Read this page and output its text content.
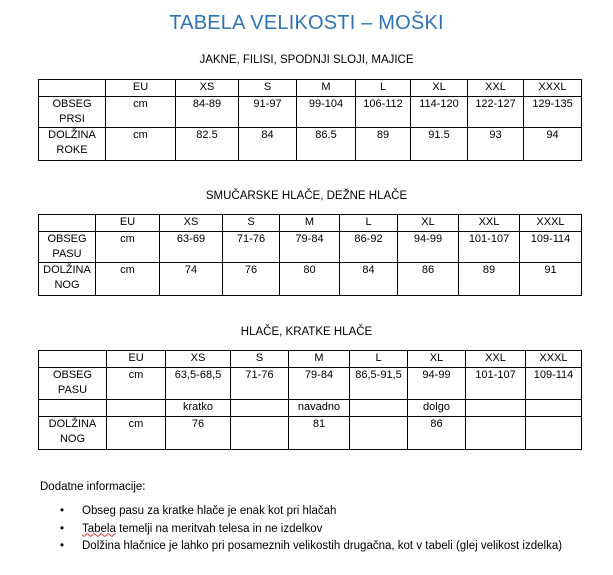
TABELA VELIKOSTI – MOŠKI
JAKNE, FILISI, SPODNJI SLOJI, MAJICE
	EU	XS	S	M	L	XL	XXL	XXXL
OBSEG PRSI	cm	84-89	91-97	99-104	106-112	114-120	122-127	129-135
DOLŽINA ROKE	cm	82.5	84	86.5	89	91.5	93	94
SMUČARSKE HLAČE, DEŽNE HLAČE
	EU	XS	S	M	L	XL	XXL	XXXL
OBSEG PASU	cm	63-69	71-76	79-84	86-92	94-99	101-107	109-114
DOLŽINA NOG	cm	74	76	80	84	86	89	91
HLAČE, KRATKE HLAČE
	EU	XS	S	M	L	XL	XXL	XXXL
OBSEG PASU	cm	63,5-68,5	71-76	79-84	86,5-91,5	94-99	101-107	109-114
		kratko		navadno		dolgo		
DOLŽINA NOG	cm	76		81		86		
Dodatne informacije:
• Obseg pasu za kratke hlače je enak kot pri hlačah
• Tabela temelji na meritvah telesa in ne izdelkov
• Dolžina hlačnice je lahko pri posameznih velikostih drugačna, kot v tabeli (glej velikost izdelka)
